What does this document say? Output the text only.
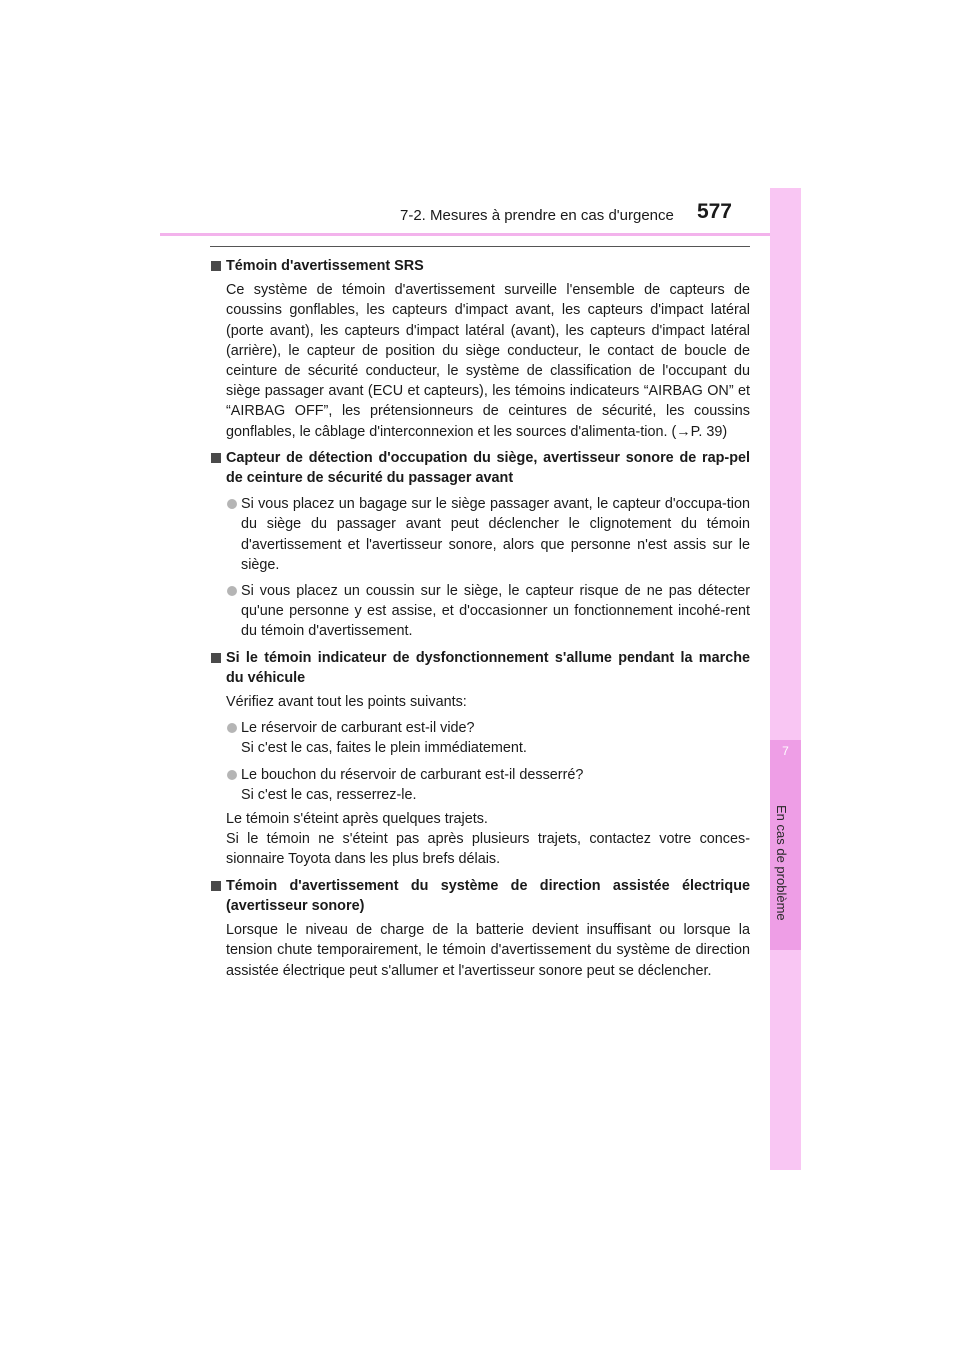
7-2. Mesures à prendre en cas d'urgence	577
7
En cas de problème
Témoin d'avertissement SRS
Ce système de témoin d'avertissement surveille l'ensemble de capteurs de coussins gonflables, les capteurs d'impact avant, les capteurs d'impact latéral (porte avant), les capteurs d'impact latéral (avant), les capteurs d'impact latéral (arrière), le capteur de position du siège conducteur, le contact de boucle de ceinture de sécurité conducteur, le système de classification de l'occupant du siège passager avant (ECU et capteurs), les témoins indicateurs “AIRBAG ON” et “AIRBAG OFF”, les prétensionneurs de ceintures de sécurité, les coussins gonflables, le câblage d'interconnexion et les sources d'alimenta-tion. (→P. 39)
Capteur de détection d'occupation du siège, avertisseur sonore de rap-pel de ceinture de sécurité du passager avant
Si vous placez un bagage sur le siège passager avant, le capteur d'occupa-tion du siège du passager avant peut déclencher le clignotement du témoin d'avertissement et l'avertisseur sonore, alors que personne n'est assis sur le siège.
Si vous placez un coussin sur le siège, le capteur risque de ne pas détecter qu'une personne y est assise, et d'occasionner un fonctionnement incohé-rent du témoin d'avertissement.
Si le témoin indicateur de dysfonctionnement s'allume pendant la marche du véhicule
Vérifiez avant tout les points suivants:
Le réservoir de carburant est-il vide?
Si c'est le cas, faites le plein immédiatement.
Le bouchon du réservoir de carburant est-il desserré?
Si c'est le cas, resserrez-le.
Le témoin s'éteint après quelques trajets.
Si le témoin ne s'éteint pas après plusieurs trajets, contactez votre conces-sionnaire Toyota dans les plus brefs délais.
Témoin d'avertissement du système de direction assistée électrique (avertisseur sonore)
Lorsque le niveau de charge de la batterie devient insuffisant ou lorsque la tension chute temporairement, le témoin d'avertissement du système de direction assistée électrique peut s'allumer et l'avertisseur sonore peut se déclencher.
